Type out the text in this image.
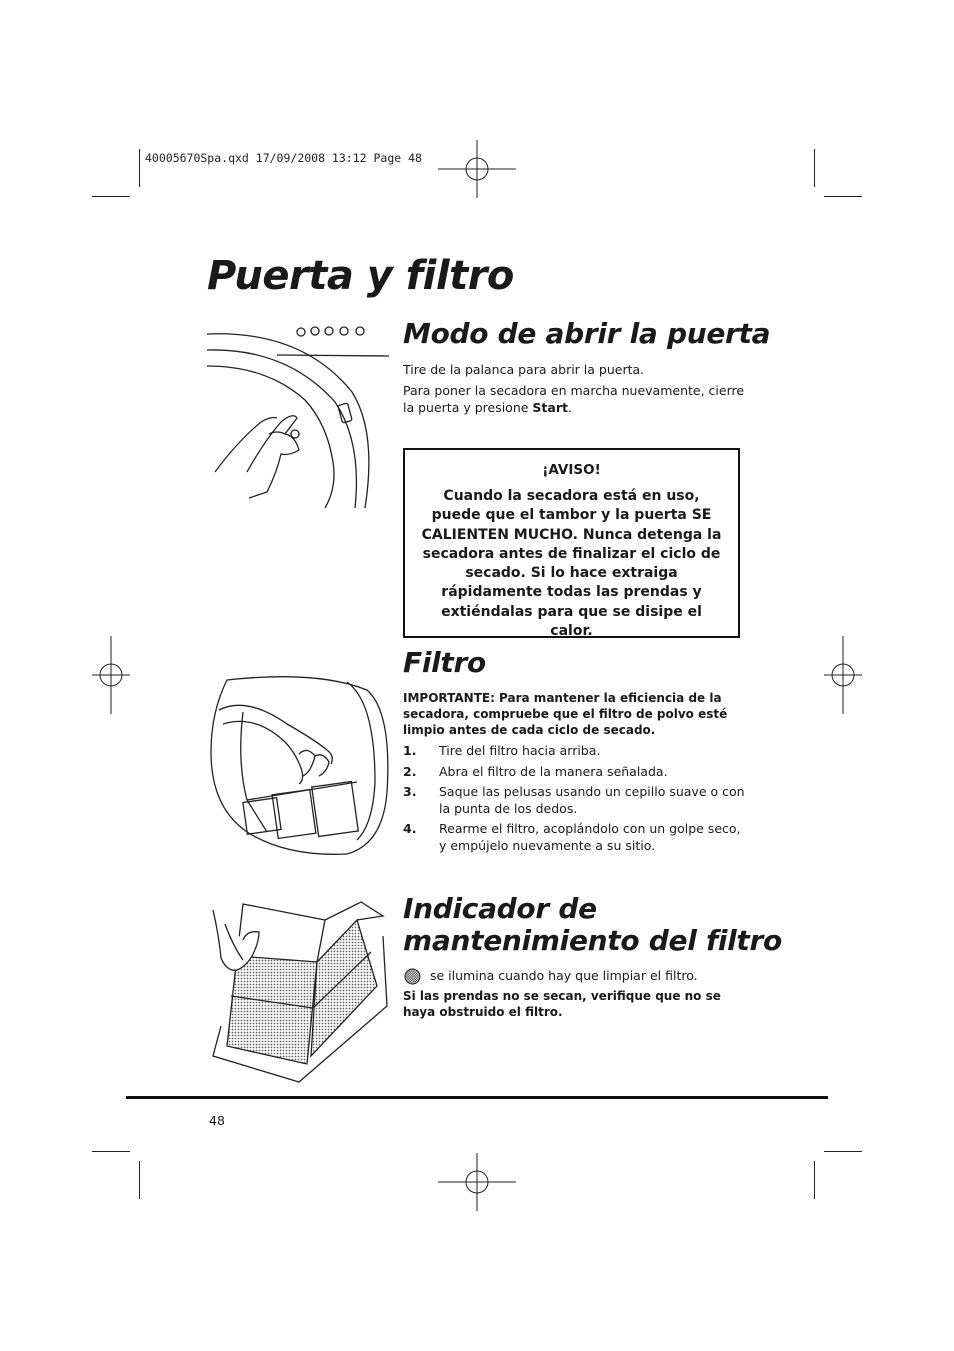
40005670Spa.qxd 17/09/2008 13:12 Page 48
Puerta y filtro
Modo de abrir la puerta

Tire de la palanca para abrir la puerta.

Para poner la secadora en marcha nuevamente, cierre la puerta y presione Start.

¡AVISO!

Cuando la secadora está en uso, puede que el tambor y la puerta SE CALIENTEN MUCHO. Nunca detenga la secadora antes de finalizar el ciclo de secado. Si lo hace extraiga rápidamente todas las prendas y extiéndalas para que se disipe el calor.

Filtro

IMPORTANTE: Para mantener la eficiencia de la secadora, compruebe que el filtro de polvo esté limpio antes de cada ciclo de secado.

1.	Tire del filtro hacia arriba.
2.	Abra el filtro de la manera señalada.
3.	Saque las pelusas usando un cepillo suave o con la punta de los dedos.
4.	Rearme el filtro, acoplándolo con un golpe seco, y empújelo nuevamente a su sitio.
Indicador de mantenimiento del filtro

se ilumina cuando hay que limpiar el filtro.

Si las prendas no se secan, verifique que no se haya obstruido el filtro.

48
